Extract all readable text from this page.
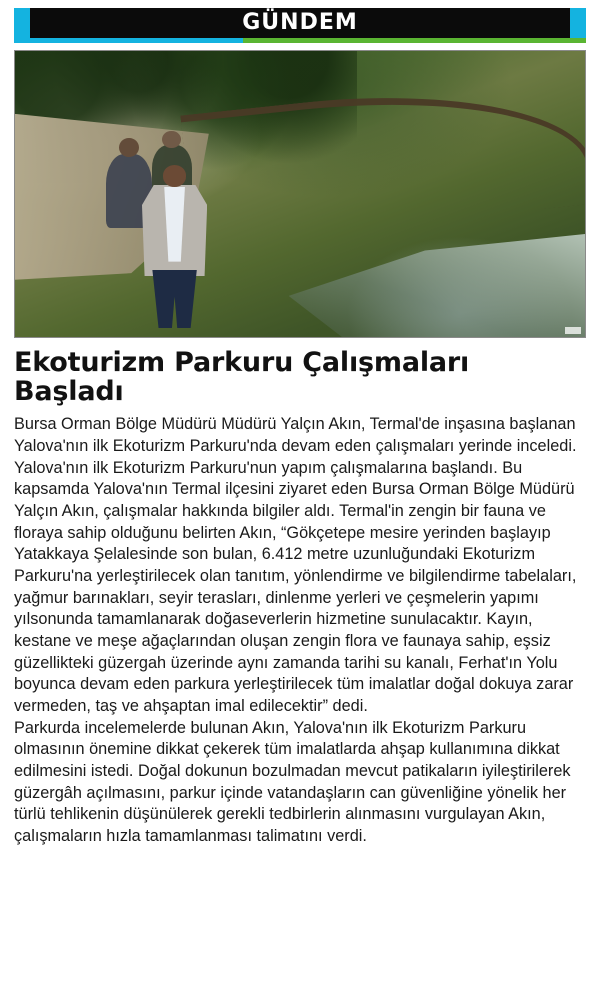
GÜNDEM
Ekoturizm Parkuru Çalışmaları Başladı

Bursa Orman Bölge Müdürü Müdürü Yalçın Akın, Termal'de inşasına başlanan Yalova'nın ilk Ekoturizm Parkuru'nda devam eden çalışmaları yerinde inceledi.

Yalova'nın ilk Ekoturizm Parkuru'nun yapım çalışmalarına başlandı. Bu kapsamda Yalova'nın Termal ilçesini ziyaret eden Bursa Orman Bölge Müdürü Yalçın Akın, çalışmalar hakkında bilgiler aldı. Termal'in zengin bir fauna ve floraya sahip olduğunu belirten Akın, “Gökçetepe mesire yerinden başlayıp Yatakkaya Şelalesinde son bulan, 6.412 metre uzunluğundaki Ekoturizm Parkuru'na yerleştirilecek olan tanıtım, yönlendirme ve bilgilendirme tabelaları, yağmur barınakları, seyir terasları, dinlenme yerleri ve çeşmelerin yapımı yılsonunda tamamlanarak doğaseverlerin hizmetine sunulacaktır. Kayın, kestane ve meşe ağaçlarından oluşan zengin flora ve faunaya sahip, eşsiz güzellikteki güzergah üzerinde aynı zamanda tarihi su kanalı, Ferhat'ın Yolu boyunca devam eden parkura yerleştirilecek tüm imalatlar doğal dokuya zarar vermeden, taş ve ahşaptan imal edilecektir” dedi.

Parkurda incelemelerde bulunan Akın, Yalova'nın ilk Ekoturizm Parkuru olmasının önemine dikkat çekerek tüm imalatlarda ahşap kullanımına dikkat edilmesini istedi. Doğal dokunun bozulmadan mevcut patikaların iyileştirilerek güzergâh açılmasını, parkur içinde vatandaşların can güvenliğine yönelik her türlü tehlikenin düşünülerek gerekli tedbirlerin alınmasını vurgulayan Akın, çalışmaların hızla tamamlanması talimatını verdi.
